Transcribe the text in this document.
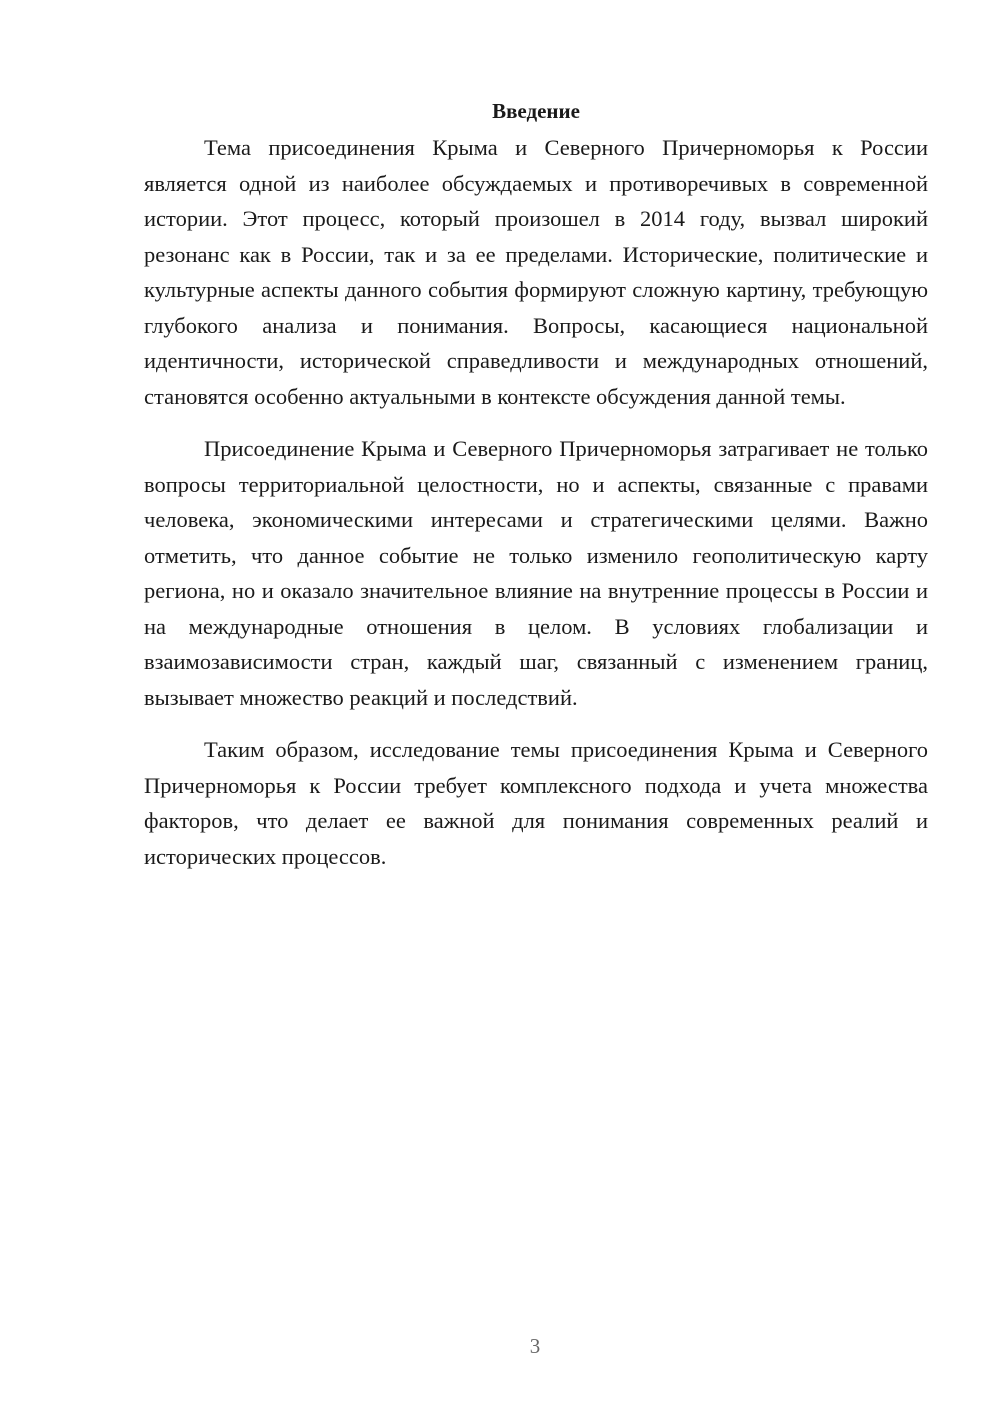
Введение

Тема присоединения Крыма и Северного Причерноморья к России является одной из наиболее обсуждаемых и противоречивых в современной истории. Этот процесс, который произошел в 2014 году, вызвал широкий резонанс как в России, так и за ее пределами. Исторические, политические и культурные аспекты данного события формируют сложную картину, требующую глубокого анализа и понимания. Вопросы, касающиеся национальной идентичности, исторической справедливости и международных отношений, становятся особенно актуальными в контексте обсуждения данной темы.

Присоединение Крыма и Северного Причерноморья затрагивает не только вопросы территориальной целостности, но и аспекты, связанные с правами человека, экономическими интересами и стратегическими целями. Важно отметить, что данное событие не только изменило геополитическую карту региона, но и оказало значительное влияние на внутренние процессы в России и на международные отношения в целом. В условиях глобализации и взаимозависимости стран, каждый шаг, связанный с изменением границ, вызывает множество реакций и последствий.

Таким образом, исследование темы присоединения Крыма и Северного Причерноморья к России требует комплексного подхода и учета множества факторов, что делает ее важной для понимания современных реалий и исторических процессов.

3
